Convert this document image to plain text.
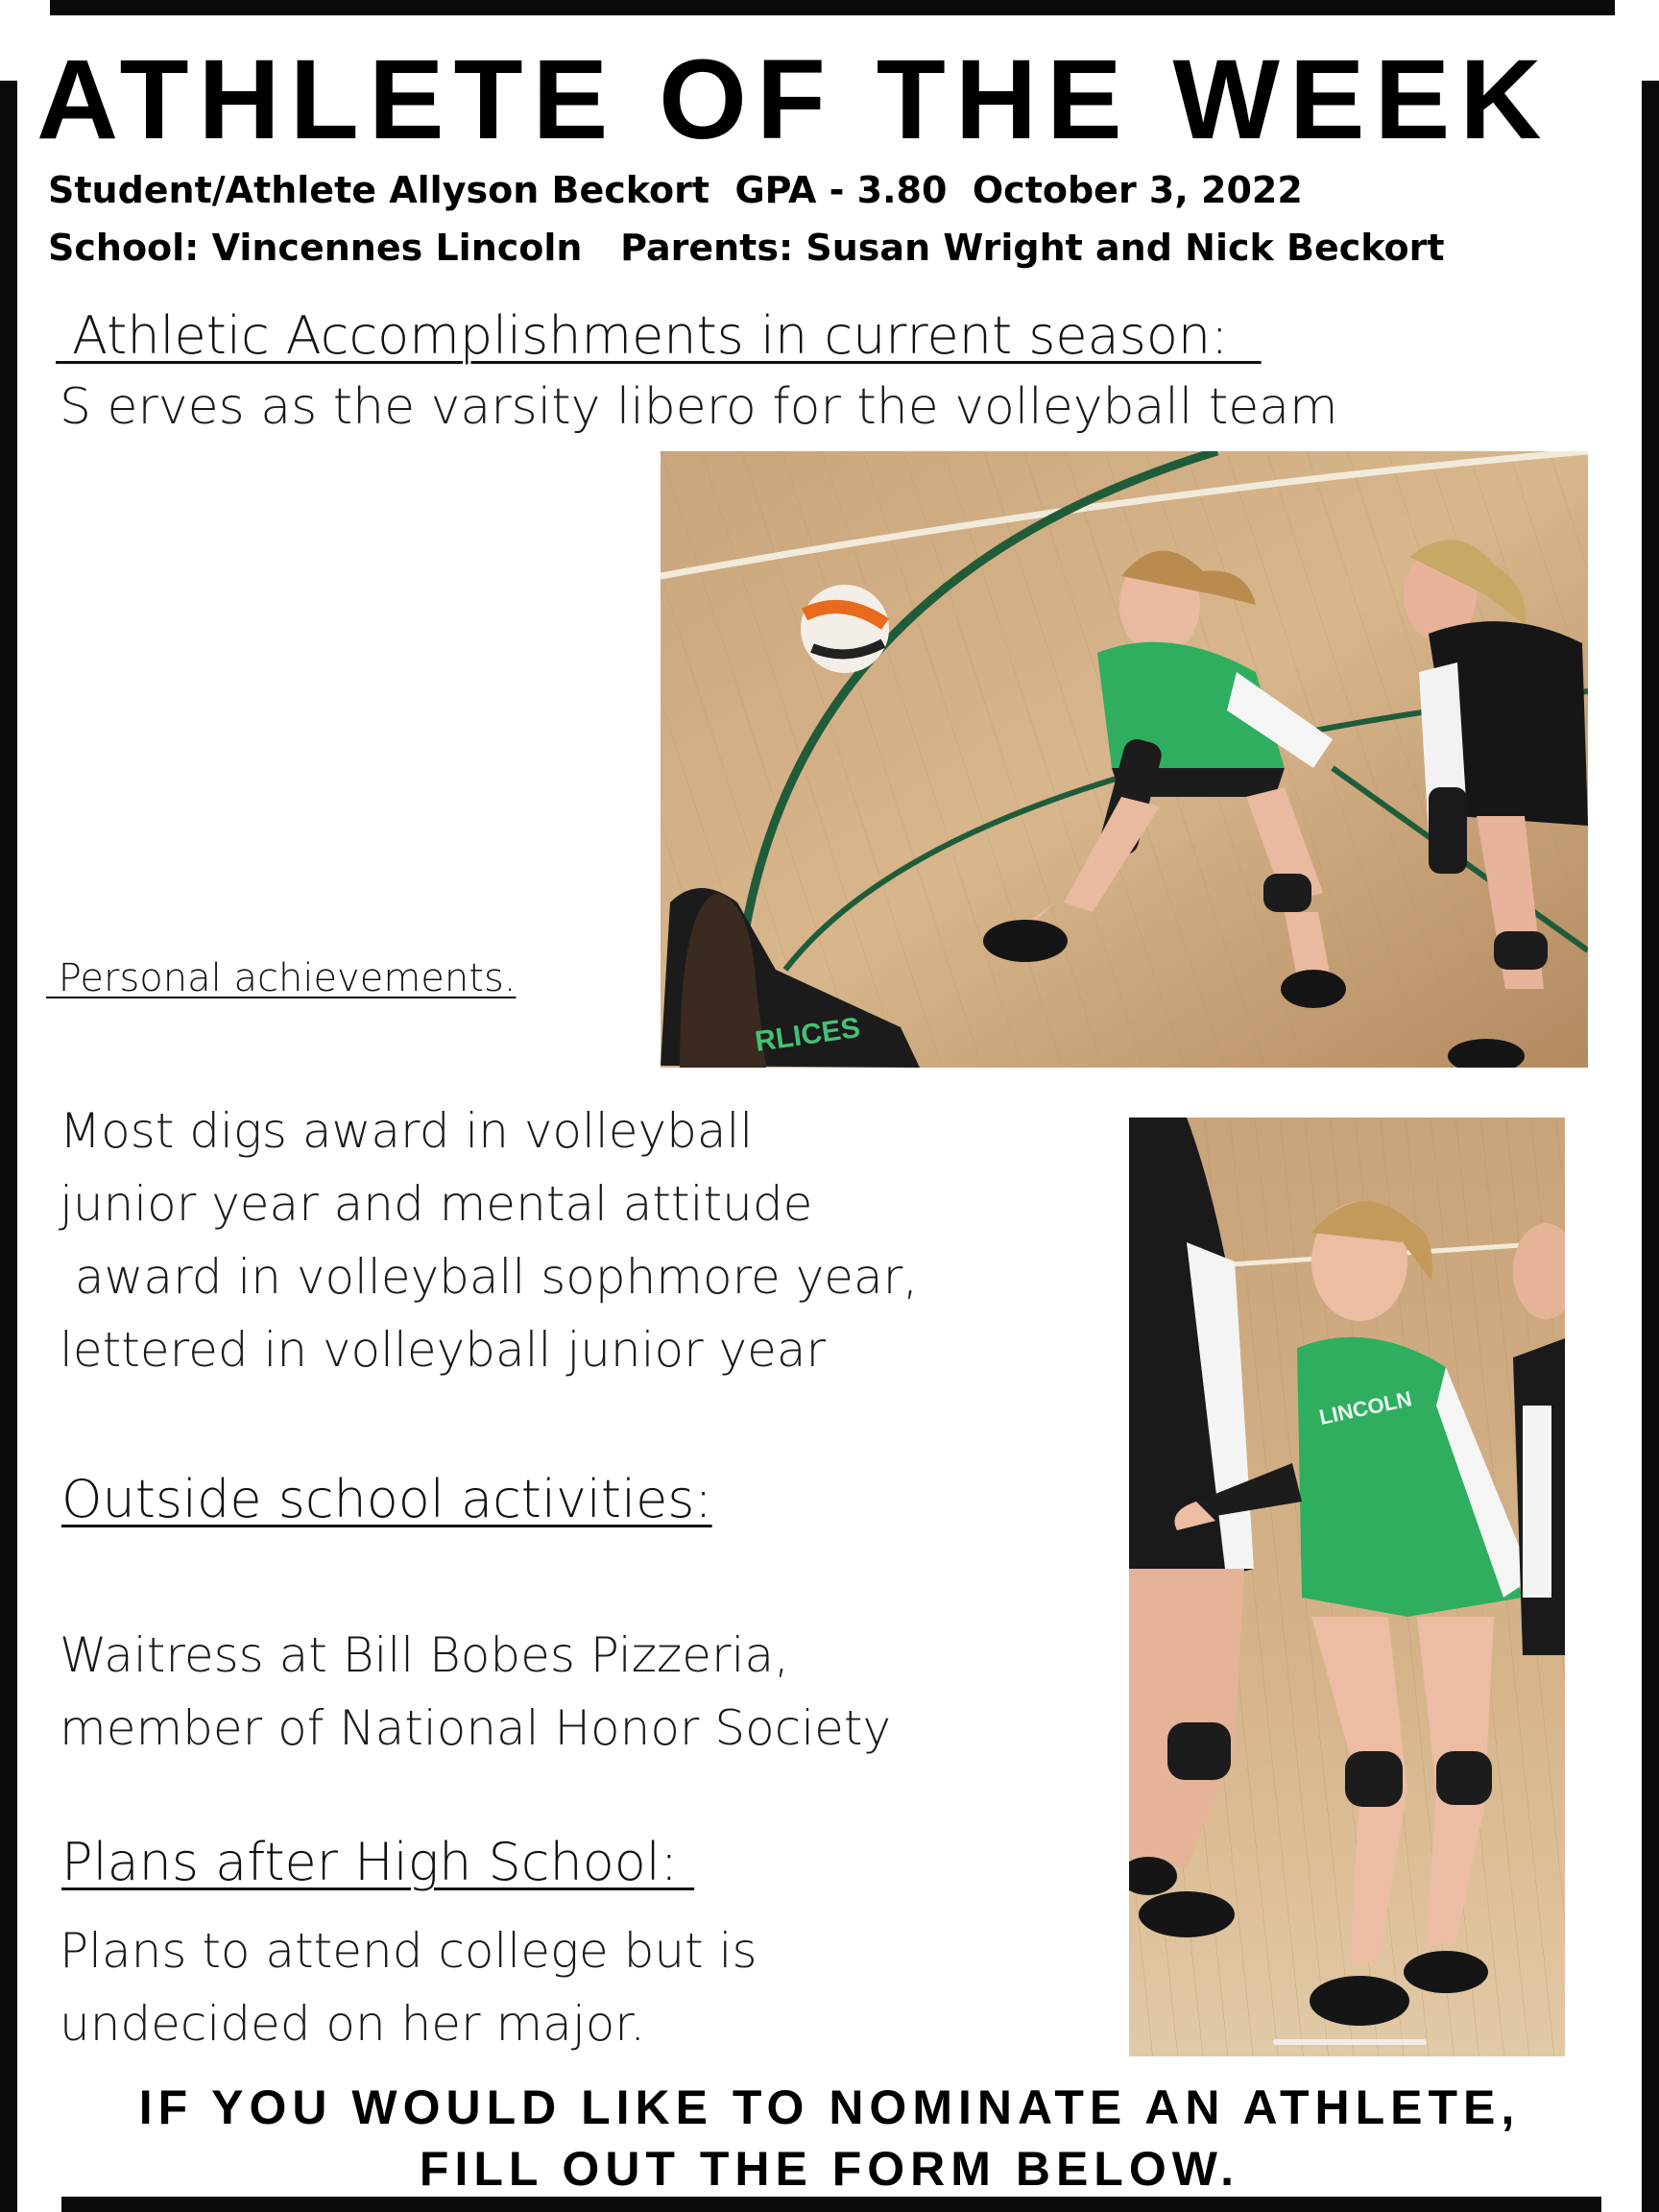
ATHLETE OF THE WEEK
Student/Athlete Allyson Beckort  GPA - 3.80  October 3, 2022
School: Vincennes Lincoln   Parents: Susan Wright and Nick Beckort
Athletic Accomplishments in current season:
S erves as the varsity libero for the volleyball team
RLICES
Personal achievements.
Most digs award in volleyball
junior year and mental attitude
award in volleyball sophmore year,
lettered in volleyball junior year
Outside school activities:
Waitress at Bill Bobes Pizzeria,
member of National Honor Society
Plans after High School:
Plans to attend college but is
undecided on her major.
LINCOLN
IF YOU WOULD LIKE TO NOMINATE AN ATHLETE,
FILL OUT THE FORM BELOW.
